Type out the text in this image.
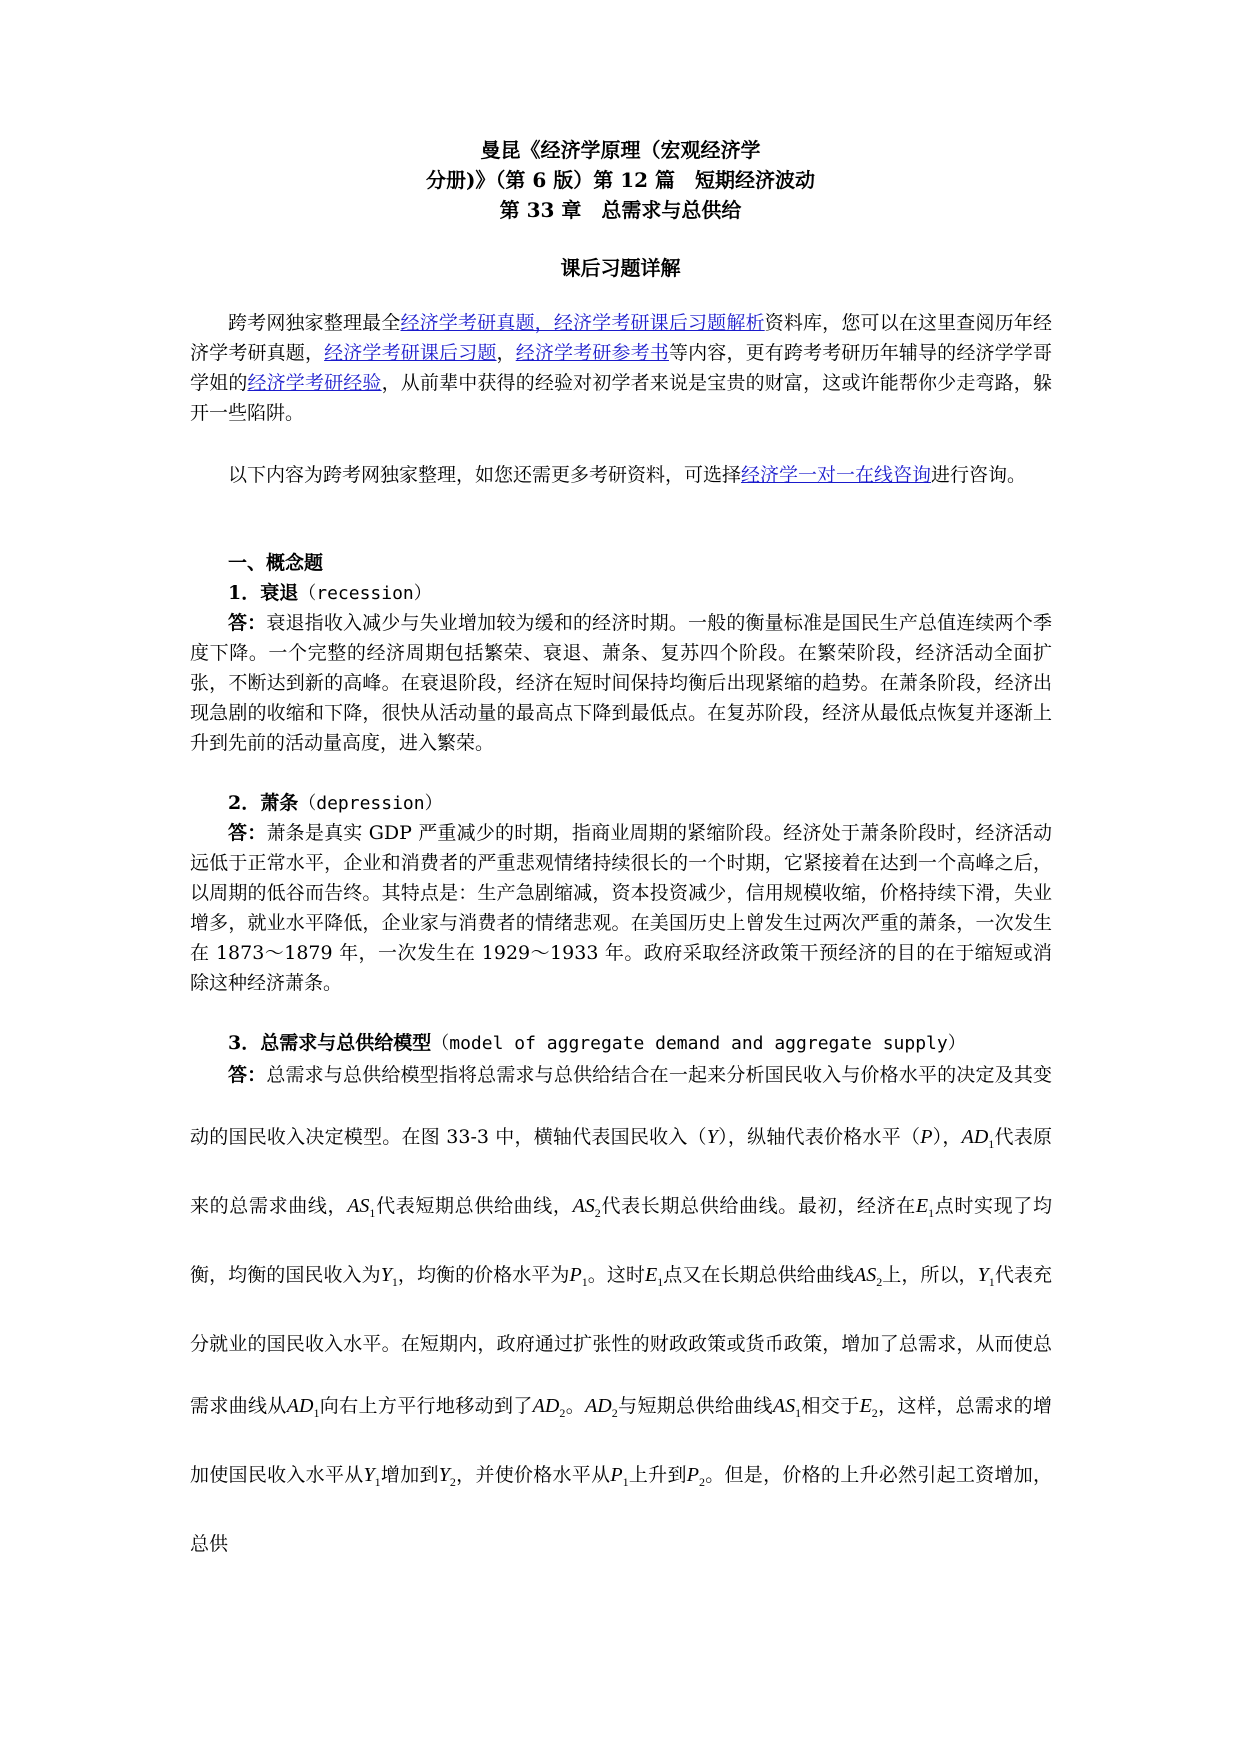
曼昆《经济学原理（宏观经济学
分册)》（第 6 版）第 12 篇　短期经济波动
第 33 章　总需求与总供给
课后习题详解

跨考网独家整理最全经济学考研真题，经济学考研课后习题解析资料库，您可以在这里查阅历年经济学考研真题，经济学考研课后习题，经济学考研参考书等内容，更有跨考考研历年辅导的经济学学哥学姐的经济学考研经验，从前辈中获得的经验对初学者来说是宝贵的财富，这或许能帮你少走弯路，躲开一些陷阱。

以下内容为跨考网独家整理，如您还需更多考研资料，可选择经济学一对一在线咨询进行咨询。

一、概念题

1．衰退（recession）

答：衰退指收入减少与失业增加较为缓和的经济时期。一般的衡量标准是国民生产总值连续两个季度下降。一个完整的经济周期包括繁荣、衰退、萧条、复苏四个阶段。在繁荣阶段，经济活动全面扩张，不断达到新的高峰。在衰退阶段，经济在短时间保持均衡后出现紧缩的趋势。在萧条阶段，经济出现急剧的收缩和下降，很快从活动量的最高点下降到最低点。在复苏阶段，经济从最低点恢复并逐渐上升到先前的活动量高度，进入繁荣。

2．萧条（depression）

答：萧条是真实 GDP 严重减少的时期，指商业周期的紧缩阶段。经济处于萧条阶段时，经济活动远低于正常水平，企业和消费者的严重悲观情绪持续很长的一个时期，它紧接着在达到一个高峰之后，以周期的低谷而告终。其特点是：生产急剧缩减，资本投资减少，信用规模收缩，价格持续下滑，失业增多，就业水平降低，企业家与消费者的情绪悲观。在美国历史上曾发生过两次严重的萧条，一次发生在 1873～1879 年，一次发生在 1929～1933 年。政府采取经济政策干预经济的目的在于缩短或消除这种经济萧条。

3．总需求与总供给模型（model of aggregate demand and aggregate supply）

答：总需求与总供给模型指将总需求与总供给结合在一起来分析国民收入与价格水平的决定及其变动的国民收入决定模型。在图 33-3 中，横轴代表国民收入（Y），纵轴代表价格水平（P），$AD_1$代表原来的总需求曲线，$AS_1$代表短期总供给曲线，$AS_2$代表长期总供给曲线。最初，经济在$E_1$点时实现了均衡，均衡的国民收入为$Y_1$，均衡的价格水平为$P_1$。这时$E_1$点又在长期总供给曲线$AS_2$上，所以，$Y_1$代表充分就业的国民收入水平。在短期内，政府通过扩张性的财政政策或货币政策，增加了总需求，从而使总需求曲线从$AD_1$向右上方平行地移动到了$AD_2$。$AD_2$与短期总供给曲线$AS_1$相交于$E_2$，这样，总需求的增加使国民收入水平从$Y_1$增加到$Y_2$，并使价格水平从$P_1$上升到$P_2$。但是，价格的上升必然引起工资增加，总供
